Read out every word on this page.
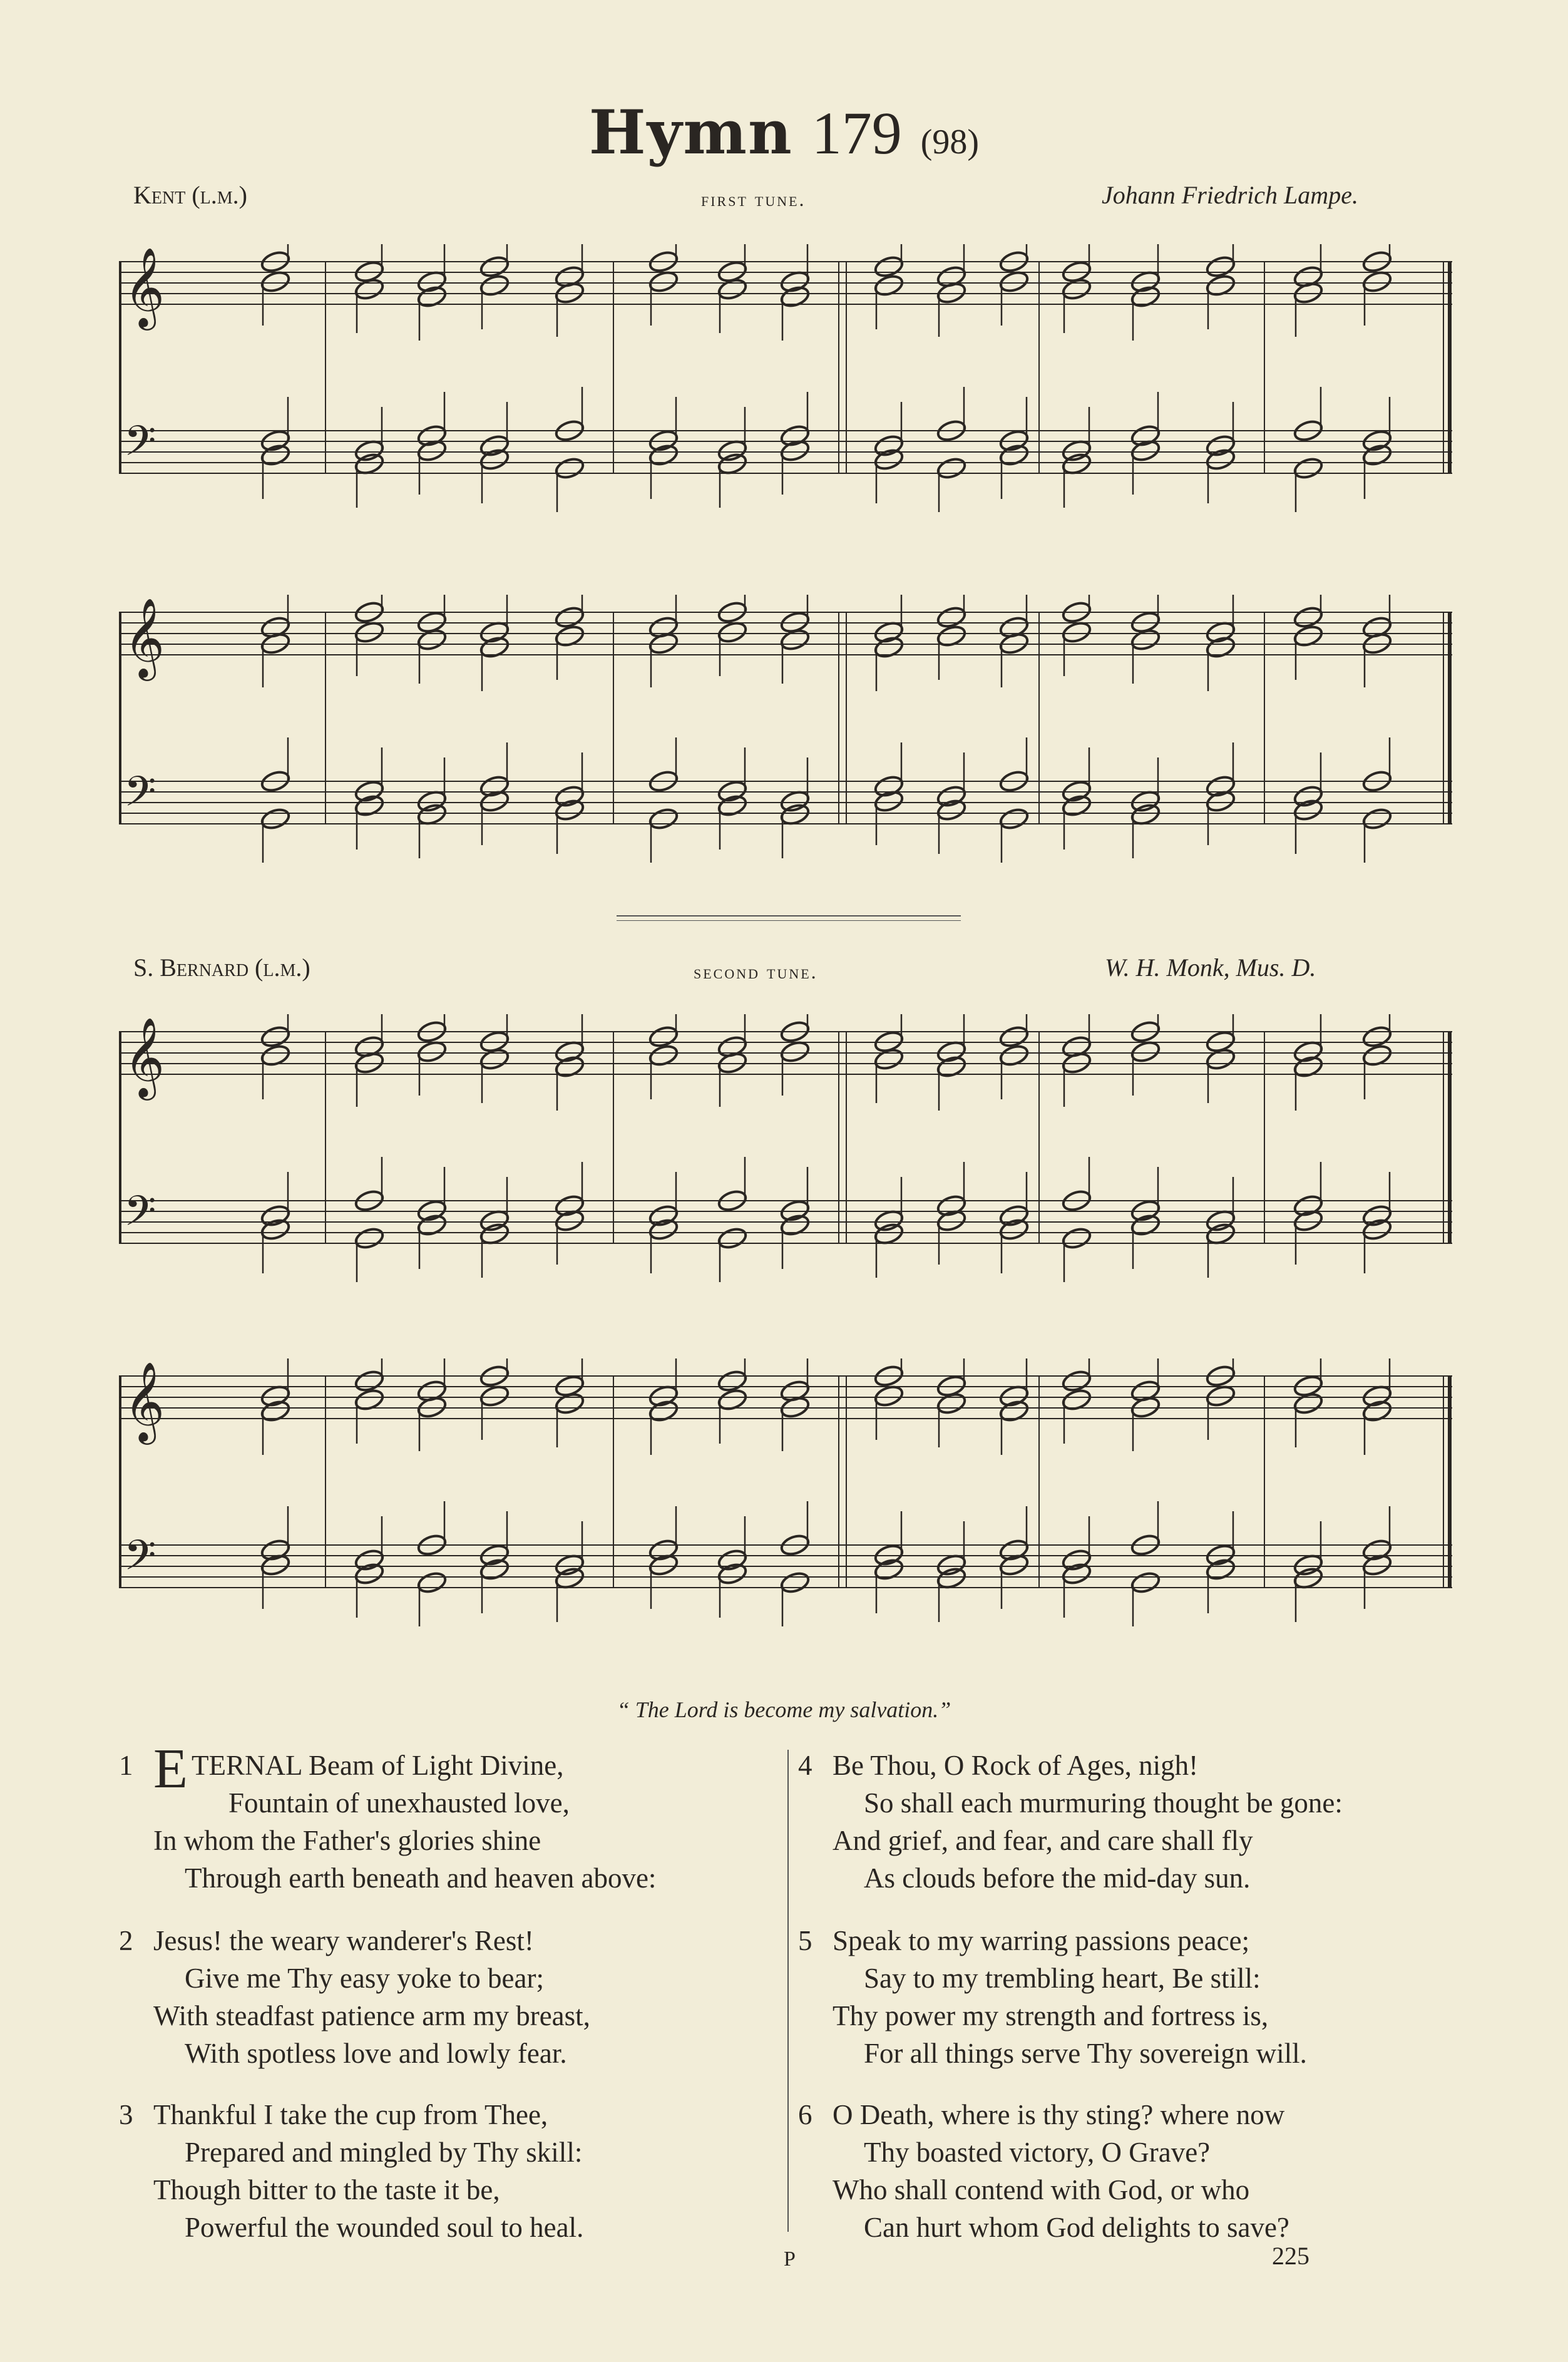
Hymn 179 (98)
Kent (l.m.)	first tune.	Johann Friedrich Lampe.
𝄞
𝄢
𝄞
𝄢
S. Bernard (l.m.)	second tune.	W. H. Monk, Mus. D.
𝄞
𝄢
𝄞
𝄢
“ The Lord is become my salvation.”
1 E TERNAL Beam of Light Divine,
Fountain of unexhausted love,
In whom the Father's glories shine
Through earth beneath and heaven above:
2 Jesus! the weary wanderer's Rest!
Give me Thy easy yoke to bear;
With steadfast patience arm my breast,
With spotless love and lowly fear.
3 Thankful I take the cup from Thee,
Prepared and mingled by Thy skill:
Though bitter to the taste it be,
Powerful the wounded soul to heal.
4 Be Thou, O Rock of Ages, nigh!
So shall each murmuring thought be gone:
And grief, and fear, and care shall fly
As clouds before the mid-day sun.
5 Speak to my warring passions peace;
Say to my trembling heart, Be still:
Thy power my strength and fortress is,
For all things serve Thy sovereign will.
6 O Death, where is thy sting? where now
Thy boasted victory, O Grave?
Who shall contend with God, or who
Can hurt whom God delights to save?
P	225
